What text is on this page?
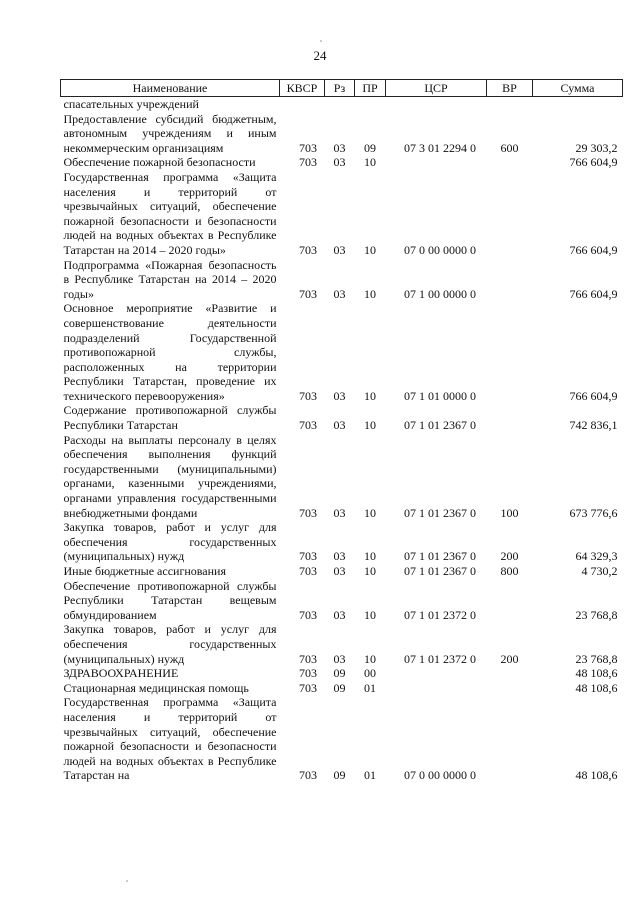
24
Наименование	КВСР	Рз	ПР	ЦСР	ВР	Сумма
спасательных учреждений						
Предоставление субсидий бюджетным, автономным учреждениям и иным некоммерческим организациям	703	03	09	07 3 01 2294 0	600	29 303,2
Обеспечение пожарной безопасности	703	03	10			766 604,9
Государственная программа «Защита населения и территорий от чрезвычайных ситуаций, обеспечение пожарной безопасности и безопасности людей на водных объектах в Республике Татарстан на 2014 – 2020 годы»	703	03	10	07 0 00 0000 0		766 604,9
Подпрограмма «Пожарная безопасность в Республике Татарстан на 2014 – 2020 годы»	703	03	10	07 1 00 0000 0		766 604,9
Основное мероприятие «Развитие и совершенствование деятельности подразделений Государственной противопожарной службы, расположенных на территории Республики Татарстан, проведение их технического перевооружения»	703	03	10	07 1 01 0000 0		766 604,9
Содержание противопожарной службы Республики Татарстан	703	03	10	07 1 01 2367 0		742 836,1
Расходы на выплаты персоналу в целях обеспечения выполнения функций государственными (муниципальными) органами, казенными учреждениями, органами управления государственными внебюджетными фондами	703	03	10	07 1 01 2367 0	100	673 776,6
Закупка товаров, работ и услуг для обеспечения государственных (муниципальных) нужд	703	03	10	07 1 01 2367 0	200	64 329,3
Иные бюджетные ассигнования	703	03	10	07 1 01 2367 0	800	4 730,2
Обеспечение противопожарной службы Республики Татарстан вещевым обмундированием	703	03	10	07 1 01 2372 0		23 768,8
Закупка товаров, работ и услуг для обеспечения государственных (муниципальных) нужд	703	03	10	07 1 01 2372 0	200	23 768,8
ЗДРАВООХРАНЕНИЕ	703	09	00			48 108,6
Стационарная медицинская помощь	703	09	01			48 108,6
Государственная программа «Защита населения и территорий от чрезвычайных ситуаций, обеспечение пожарной безопасности и безопасности людей на водных объектах в Республике Татарстан на	703	09	01	07 0 00 0000 0		48 108,6
